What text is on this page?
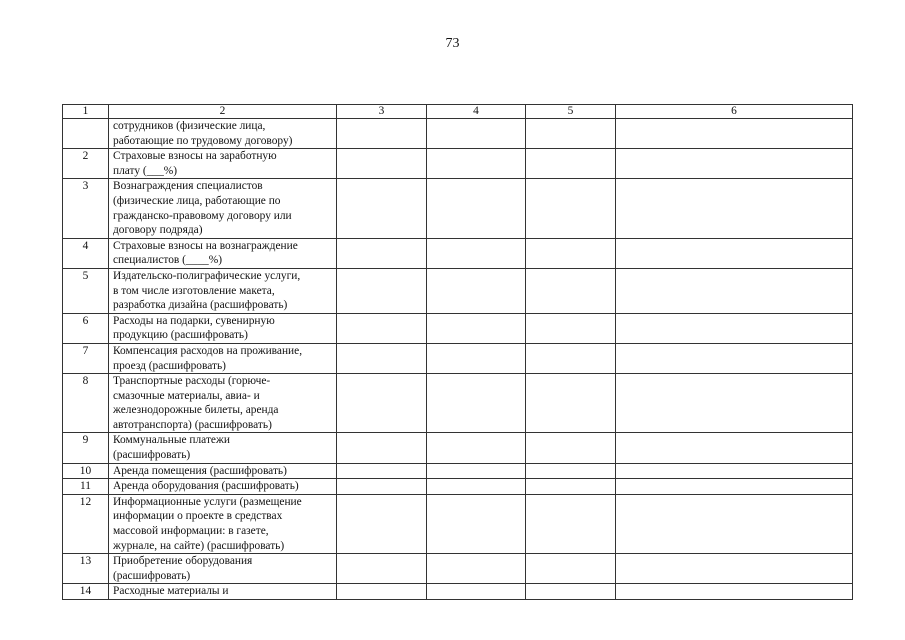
73
1	2	3	4	5	6
	сотрудников (физические лица,
работающие по трудовому договору)				
2	Страховые взносы на заработную
плату (___%)				
3	Вознаграждения специалистов
(физические лица, работающие по
гражданско-правовому договору или
договору подряда)				
4	Страховые взносы на вознаграждение
специалистов (____%)				
5	Издательско-полиграфические услуги,
в том числе изготовление макета,
разработка дизайна (расшифровать)				
6	Расходы на подарки, сувенирную
продукцию (расшифровать)				
7	Компенсация расходов на проживание,
проезд (расшифровать)				
8	Транспортные расходы (горюче-
смазочные материалы, авиа- и
железнодорожные билеты, аренда
автотранспорта) (расшифровать)				
9	Коммунальные платежи
(расшифровать)				
10	Аренда помещения (расшифровать)				
11	Аренда оборудования (расшифровать)				
12	Информационные услуги (размещение
информации о проекте в средствах
массовой информации: в газете,
журнале, на сайте) (расшифровать)				
13	Приобретение оборудования
(расшифровать)				
14	Расходные материалы и				
